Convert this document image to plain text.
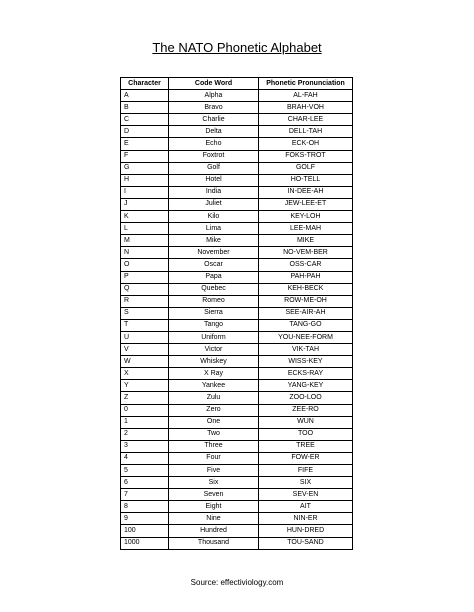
The NATO Phonetic Alphabet
Character	Code Word	Phonetic Pronunciation
A	Alpha	AL-FAH
B	Bravo	BRAH-VOH
C	Charlie	CHAR-LEE
D	Delta	DELL-TAH
E	Echo	ECK-OH
F	Foxtrot	FOKS-TROT
G	Golf	GOLF
H	Hotel	HO-TELL
I	India	IN-DEE-AH
J	Juliet	JEW-LEE-ET
K	Kilo	KEY-LOH
L	Lima	LEE-MAH
M	Mike	MIKE
N	November	NO-VEM-BER
O	Oscar	OSS-CAR
P	Papa	PAH-PAH
Q	Quebec	KEH-BECK
R	Romeo	ROW-ME-OH
S	Sierra	SEE-AIR-AH
T	Tango	TANG-GO
U	Uniform	YOU-NEE-FORM
V	Victor	VIK-TAH
W	Whiskey	WISS-KEY
X	X Ray	ECKS-RAY
Y	Yankee	YANG-KEY
Z	Zulu	ZOO-LOO
0	Zero	ZEE-RO
1	One	WUN
2	Two	TOO
3	Three	TREE
4	Four	FOW-ER
5	Five	FIFE
6	Six	SIX
7	Seven	SEV-EN
8	Eight	AIT
9	Nine	NIN-ER
100	Hundred	HUN-DRED
1000	Thousand	TOU-SAND
Source: effectiviology.com
